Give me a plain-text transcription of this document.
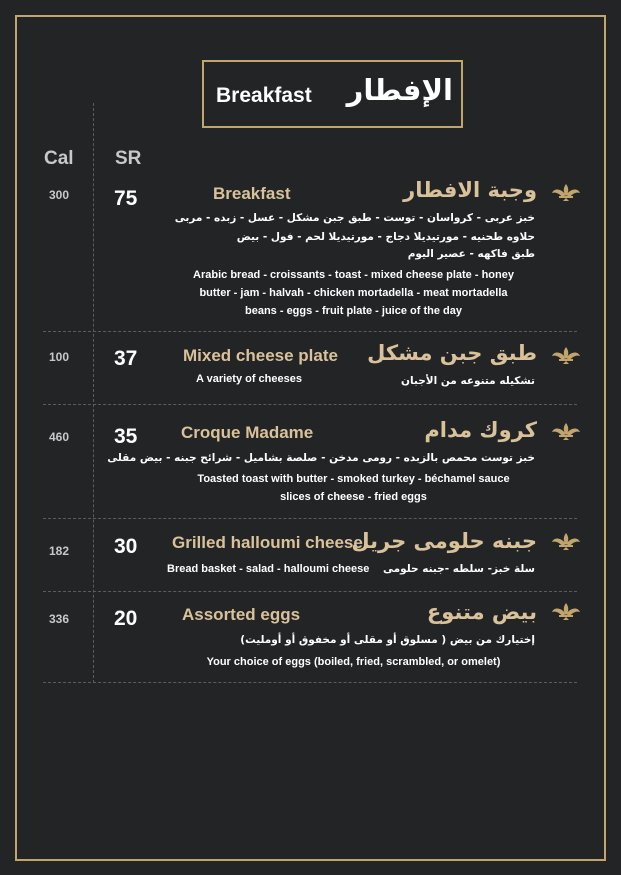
Breakfast الإفطار
Cal SR
300 75	Breakfast	وجبة الافطار
خبز عربى - كرواسان - توست - طبق جبن مشكل - عسل - زبده - مربى
حلاوه طحنيه - مورتيديلا دجاج - مورتيديلا لحم - فول - بيض
طبق فاكهه - عصير اليوم
Arabic bread - croissants - toast - mixed cheese plate - honey
butter - jam - halvah - chicken mortadella - meat mortadella
beans - eggs - fruit plate - juice of the day
100 37	Mixed cheese plate طبق جبن مشكل
A variety of cheeses	تشكيله متنوعه من الأجبان
460 35	Croque Madame	كروك مدام
خبز توست محمص بالزبده - رومى مدخن - صلصة بشاميل - شرائح جبنه - بيض مقلى
Toasted toast with butter - smoked turkey - béchamel sauce
slices of cheese - fried eggs
182 30 Grilled halloumi cheese
جبنه حلومى جريل
Bread basket - salad - halloumi cheese سلة خبز- سلطه -جبنه حلومى
336 20	Assorted eggs	بيض متنوع
إختيارك من بيض ( مسلوق أو مقلى أو مخفوق أو أومليت)
Your choice of eggs (boiled, fried, scrambled, or omelet)
